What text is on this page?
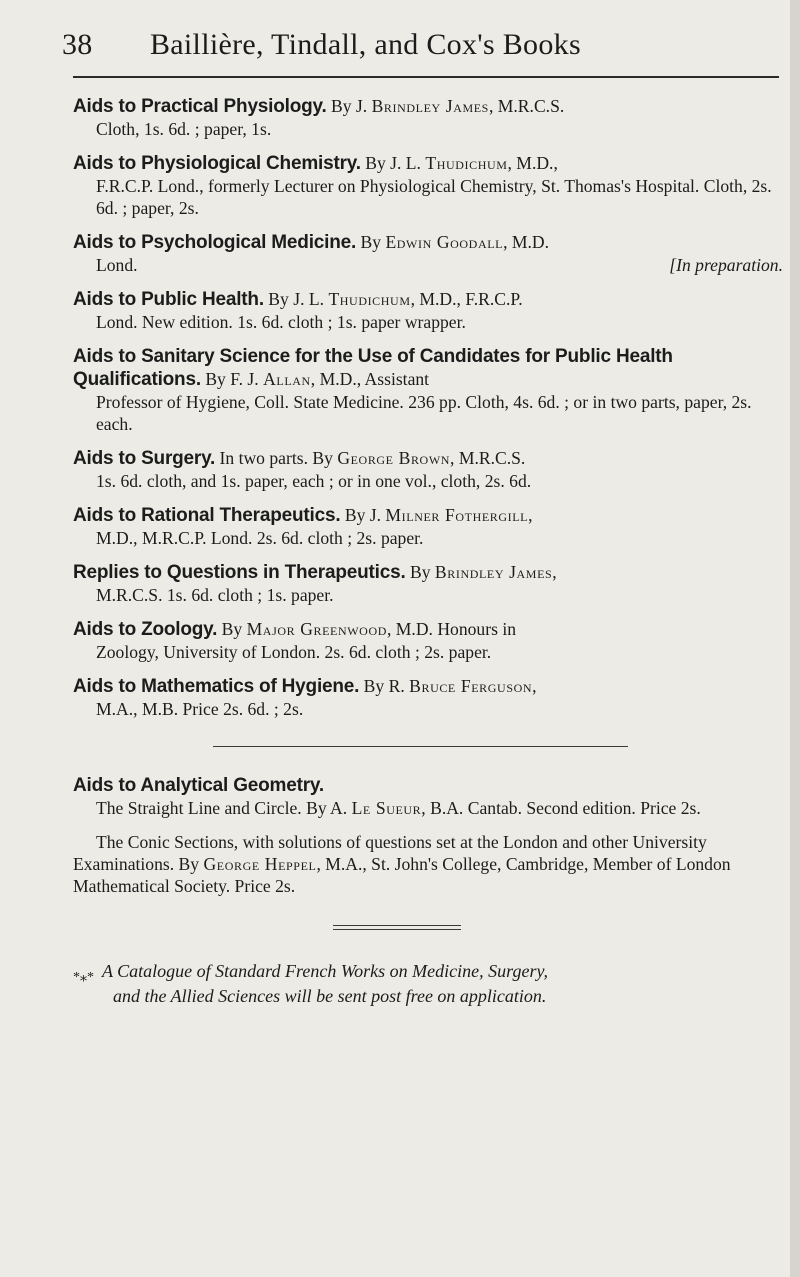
38 Baillière, Tindall, and Cox's Books
Aids to Practical Physiology. By J. Brindley James, M.R.C.S.
Cloth, 1s. 6d. ; paper, 1s.
Aids to Physiological Chemistry. By J. L. Thudichum, M.D.,
F.R.C.P. Lond., formerly Lecturer on Physiological Chemistry, St. Thomas's Hospital. Cloth, 2s. 6d. ; paper, 2s.
Aids to Psychological Medicine. By Edwin Goodall, M.D.
Lond.	[In preparation.
Aids to Public Health. By J. L. Thudichum, M.D., F.R.C.P.
Lond. New edition. 1s. 6d. cloth ; 1s. paper wrapper.
Aids to Sanitary Science for the Use of Candidates for Public Health Qualifications. By F. J. Allan, M.D., Assistant
Professor of Hygiene, Coll. State Medicine. 236 pp. Cloth, 4s. 6d. ; or in two parts, paper, 2s. each.
Aids to Surgery. In two parts. By George Brown, M.R.C.S.
1s. 6d. cloth, and 1s. paper, each ; or in one vol., cloth, 2s. 6d.
Aids to Rational Therapeutics. By J. Milner Fothergill,
M.D., M.R.C.P. Lond. 2s. 6d. cloth ; 2s. paper.
Replies to Questions in Therapeutics. By Brindley James,
M.R.C.S. 1s. 6d. cloth ; 1s. paper.
Aids to Zoology. By Major Greenwood, M.D. Honours in
Zoology, University of London. 2s. 6d. cloth ; 2s. paper.
Aids to Mathematics of Hygiene. By R. Bruce Ferguson,
M.A., M.B. Price 2s. 6d. ; 2s.
Aids to Analytical Geometry.
The Straight Line and Circle. By A. Le Sueur, B.A. Cantab. Second edition. Price 2s.
The Conic Sections, with solutions of questions set at the London and other University Examinations. By George Heppel, M.A., St. John's College, Cambridge, Member of London Mathematical Society. Price 2s.
$_{*⁎*}$ A Catalogue of Standard French Works on Medicine, Surgery,
and the Allied Sciences will be sent post free on application.
